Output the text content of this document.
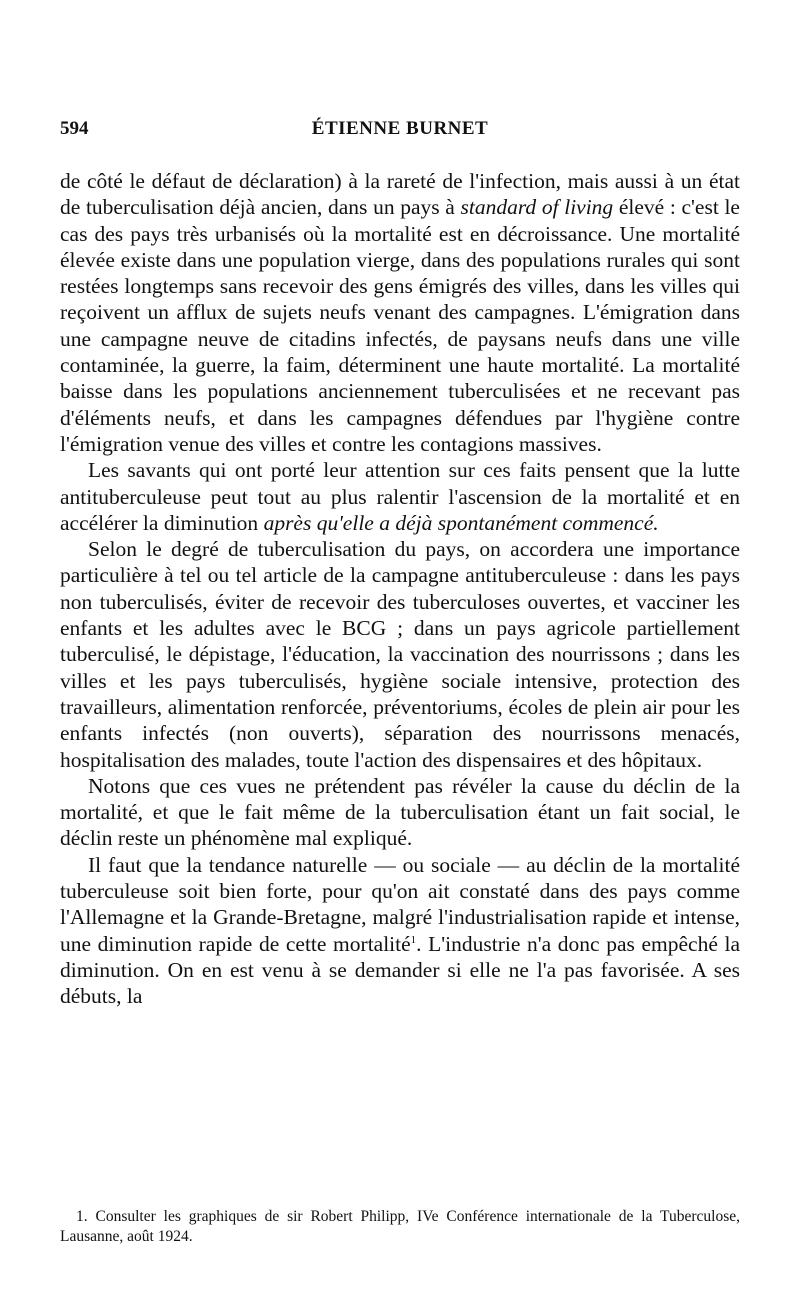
594	ÉTIENNE BURNET

de côté le défaut de déclaration) à la rareté de l'infection, mais aussi à un état de tuberculisation déjà ancien, dans un pays à standard of living élevé : c'est le cas des pays très urbanisés où la mortalité est en décroissance. Une mortalité élevée existe dans une population vierge, dans des populations rurales qui sont restées longtemps sans recevoir des gens émigrés des villes, dans les villes qui reçoivent un afflux de sujets neufs venant des campagnes. L'émigration dans une campagne neuve de citadins infectés, de paysans neufs dans une ville contaminée, la guerre, la faim, déterminent une haute mortalité. La mortalité baisse dans les populations anciennement tuberculisées et ne recevant pas d'éléments neufs, et dans les campagnes défendues par l'hygiène contre l'émigration venue des villes et contre les contagions massives.

Les savants qui ont porté leur attention sur ces faits pensent que la lutte antituberculeuse peut tout au plus ralentir l'ascension de la mortalité et en accélérer la diminution après qu'elle a déjà spontanément commencé.

Selon le degré de tuberculisation du pays, on accordera une importance particulière à tel ou tel article de la campagne antituberculeuse : dans les pays non tuberculisés, éviter de recevoir des tuberculoses ouvertes, et vacciner les enfants et les adultes avec le BCG ; dans un pays agricole partiellement tuberculisé, le dépistage, l'éducation, la vaccination des nourrissons ; dans les villes et les pays tuberculisés, hygiène sociale intensive, protection des travailleurs, alimentation renforcée, préventoriums, écoles de plein air pour les enfants infectés (non ouverts), séparation des nourrissons menacés, hospitalisation des malades, toute l'action des dispensaires et des hôpitaux.

Notons que ces vues ne prétendent pas révéler la cause du déclin de la mortalité, et que le fait même de la tuberculisation étant un fait social, le déclin reste un phénomène mal expliqué.

Il faut que la tendance naturelle — ou sociale — au déclin de la mortalité tuberculeuse soit bien forte, pour qu'on ait constaté dans des pays comme l'Allemagne et la Grande-Bretagne, malgré l'industrialisation rapide et intense, une diminution rapide de cette mortalité$^1$. L'industrie n'a donc pas empêché la diminution. On en est venu à se demander si elle ne l'a pas favorisée. A ses débuts, la

1. Consulter les graphiques de sir Robert Philipp, IVe Conférence internationale de la Tuberculose, Lausanne, août 1924.
